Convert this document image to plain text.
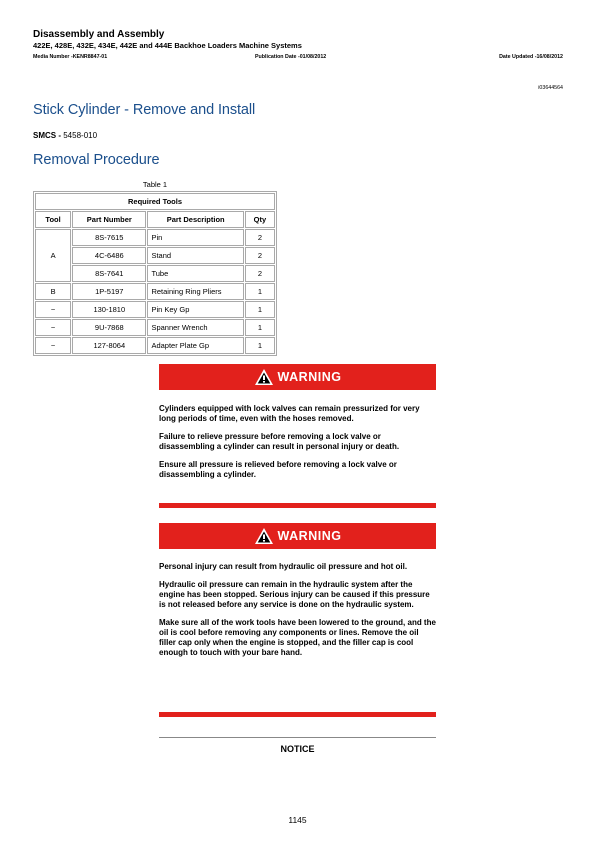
Disassembly and Assembly
422E, 428E, 432E, 434E, 442E and 444E Backhoe Loaders Machine Systems
Media Number -KENR8847-01	Publication Date -01/08/2012	Date Updated -16/08/2012
i03644564
Stick Cylinder - Remove and Install
SMCS - 5458-010
Removal Procedure
Table 1
Required Tools			
Tool	Part Number	Part Description	Qty
A	8S-7615	Pin	2
	4C-6486	Stand	2
	8S-7641	Tube	2
B	1P-5197	Retaining Ring Pliers	1
−	130-1810	Pin Key Gp	1
−	9U-7868	Spanner Wrench	1
−	127-8064	Adapter Plate Gp	1
WARNING

Cylinders equipped with lock valves can remain pressurized for very long periods of time, even with the hoses removed.

Failure to relieve pressure before removing a lock valve or disassembling a cylinder can result in personal injury or death.

Ensure all pressure is relieved before removing a lock valve or disassembling a cylinder.

WARNING

Personal injury can result from hydraulic oil pressure and hot oil.

Hydraulic oil pressure can remain in the hydraulic system after the engine has been stopped. Serious injury can be caused if this pressure is not released before any service is done on the hydraulic system.

Make sure all of the work tools have been lowered to the ground, and the oil is cool before removing any components or lines. Remove the oil filler cap only when the engine is stopped, and the filler cap is cool enough to touch with your bare hand.

NOTICE
1145
